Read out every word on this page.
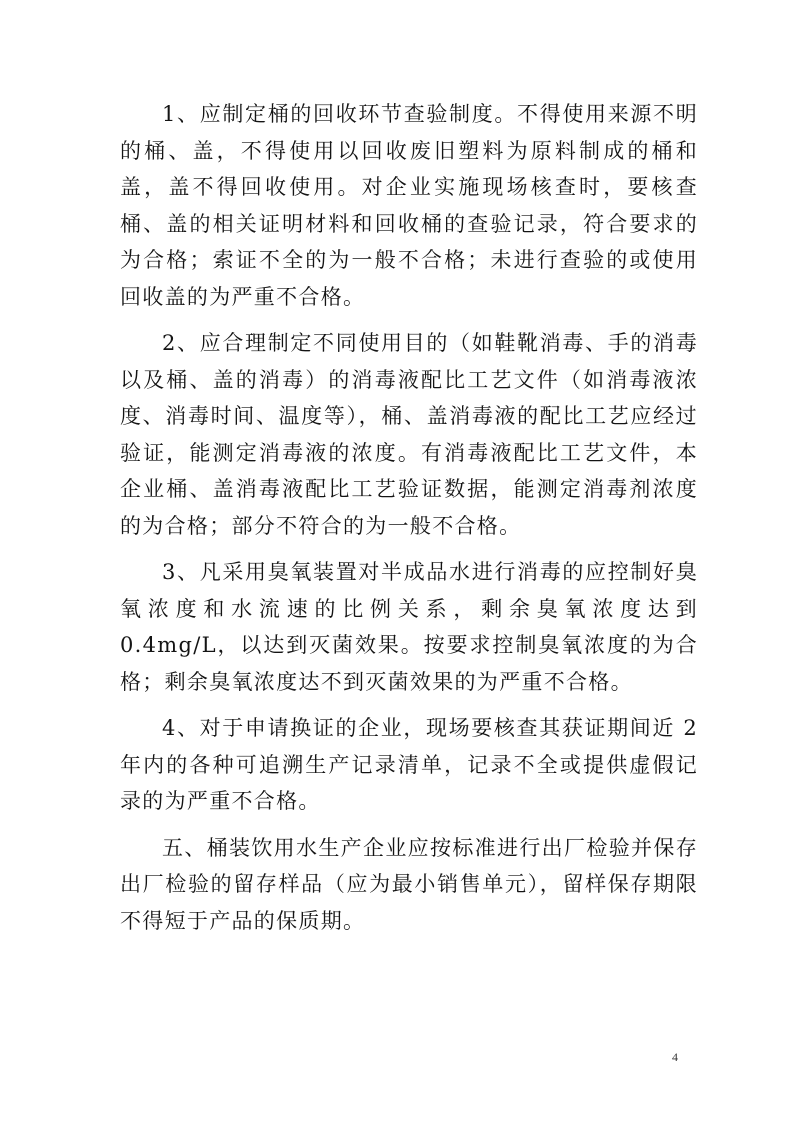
1、应制定桶的回收环节查验制度。不得使用来源不明的桶、盖，不得使用以回收废旧塑料为原料制成的桶和盖，盖不得回收使用。对企业实施现场核查时，要核查桶、盖的相关证明材料和回收桶的查验记录，符合要求的为合格；索证不全的为一般不合格；未进行查验的或使用回收盖的为严重不合格。

2、应合理制定不同使用目的（如鞋靴消毒、手的消毒以及桶、盖的消毒）的消毒液配比工艺文件（如消毒液浓度、消毒时间、温度等），桶、盖消毒液的配比工艺应经过验证，能测定消毒液的浓度。有消毒液配比工艺文件，本企业桶、盖消毒液配比工艺验证数据，能测定消毒剂浓度的为合格；部分不符合的为一般不合格。

3、凡采用臭氧装置对半成品水进行消毒的应控制好臭氧浓度和水流速的比例关系，剩余臭氧浓度达到 0.4mg/L，以达到灭菌效果。按要求控制臭氧浓度的为合格；剩余臭氧浓度达不到灭菌效果的为严重不合格。

4、对于申请换证的企业，现场要核查其获证期间近 2 年内的各种可追溯生产记录清单，记录不全或提供虚假记录的为严重不合格。

五、桶装饮用水生产企业应按标准进行出厂检验并保存出厂检验的留存样品（应为最小销售单元），留样保存期限不得短于产品的保质期。

4
